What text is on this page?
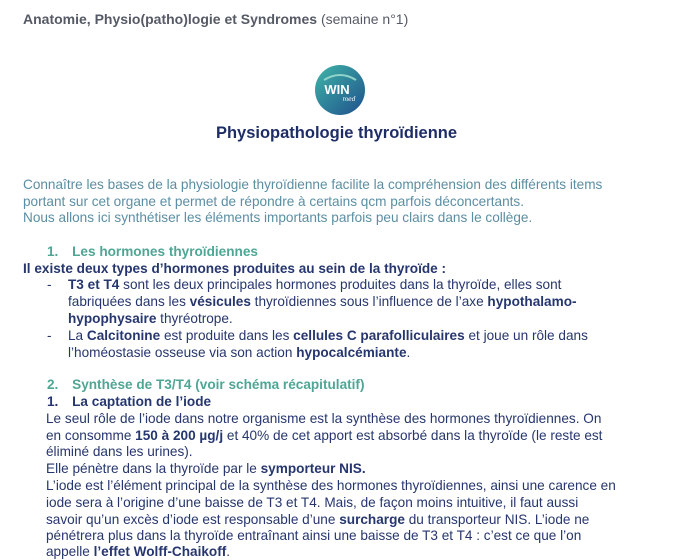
Anatomie, Physio(patho)logie et Syndromes (semaine n°1)
WIN
med
Physiopathologie thyroïdienne
Connaître les bases de la physiologie thyroïdienne facilite la compréhension des différents items
portant sur cet organe et permet de répondre à certains qcm parfois déconcertants.
Nous allons ici synthétiser les éléments importants parfois peu clairs dans le collège.
1. Les hormones thyroïdiennes
Il existe deux types d’hormones produites au sein de la thyroïde :
- T3 et T4 sont les deux principales hormones produites dans la thyroïde, elles sont
fabriquées dans les vésicules thyroïdiennes sous l’influence de l’axe hypothalamo-
hypophysaire thyréotrope.
- La Calcitonine est produite dans les cellules C parafolliculaires et joue un rôle dans
l’homéostasie osseuse via son action hypocalcémiante.
2. Synthèse de T3/T4 (voir schéma récapitulatif)
1. La captation de l’iode
Le seul rôle de l’iode dans notre organisme est la synthèse des hormones thyroïdiennes. On
en consomme 150 à 200 µg/j et 40% de cet apport est absorbé dans la thyroïde (le reste est
éliminé dans les urines).
Elle pénètre dans la thyroïde par le symporteur NIS.
L’iode est l’élément principal de la synthèse des hormones thyroïdiennes, ainsi une carence en
iode sera à l’origine d’une baisse de T3 et T4. Mais, de façon moins intuitive, il faut aussi
savoir qu’un excès d’iode est responsable d’une surcharge du transporteur NIS. L’iode ne
pénétrera plus dans la thyroïde entraînant ainsi une baisse de T3 et T4 : c’est ce que l’on
appelle l’effet Wolff-Chaikoff.
